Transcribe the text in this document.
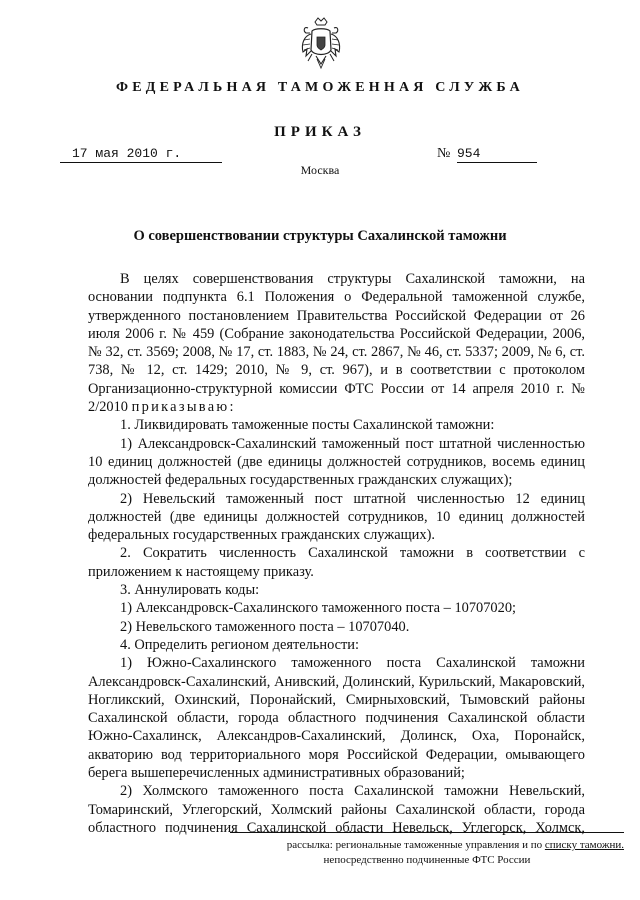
ФЕДЕРАЛЬНАЯ ТАМОЖЕННАЯ СЛУЖБА
ПРИКАЗ
17 мая 2010 г.	№ 954
Москва
О совершенствовании структуры Сахалинской таможни

В целях совершенствования структуры Сахалинской таможни, на основании подпункта 6.1 Положения о Федеральной таможенной службе, утвержденного постановлением Правительства Российской Федерации от 26 июля 2006 г. № 459 (Собрание законодательства Российской Федерации, 2006, № 32, ст. 3569; 2008, № 17, ст. 1883, № 24, ст. 2867, № 46, ст. 5337; 2009, № 6, ст. 738, № 12, ст. 1429; 2010, № 9, ст. 967), и в соответствии с протоколом Организационно-структурной комиссии ФТС России от 14 апреля 2010 г. № 2/2010 приказываю:

1. Ликвидировать таможенные посты Сахалинской таможни:

1) Александровск-Сахалинский таможенный пост штатной численностью 10 единиц должностей (две единицы должностей сотрудников, восемь единиц должностей федеральных государственных гражданских служащих);

2) Невельский таможенный пост штатной численностью 12 единиц должностей (две единицы должностей сотрудников, 10 единиц должностей федеральных государственных гражданских служащих).

2. Сократить численность Сахалинской таможни в соответствии с приложением к настоящему приказу.

3. Аннулировать коды:

1) Александровск-Сахалинского таможенного поста – 10707020;

2) Невельского таможенного поста – 10707040.

4. Определить регионом деятельности:

1) Южно-Сахалинского таможенного поста Сахалинской таможни Александровск-Сахалинский, Анивский, Долинский, Курильский, Макаровский, Ногликский, Охинский, Поронайский, Смирныховский, Тымовский районы Сахалинской области, города областного подчинения Сахалинской области Южно-Сахалинск, Александров-Сахалинский, Долинск, Оха, Поронайск, акваторию вод территориального моря Российской Федерации, омывающего берега вышеперечисленных административных образований;

2) Холмского таможенного поста Сахалинской таможни Невельский, Томаринский, Углегорский, Холмский районы Сахалинской области, города областного подчинения Сахалинской области Невельск, Углегорск, Холмск,

рассылка: региональные таможенные управления и по списку таможни.
непосредственно подчиненные ФТС России
